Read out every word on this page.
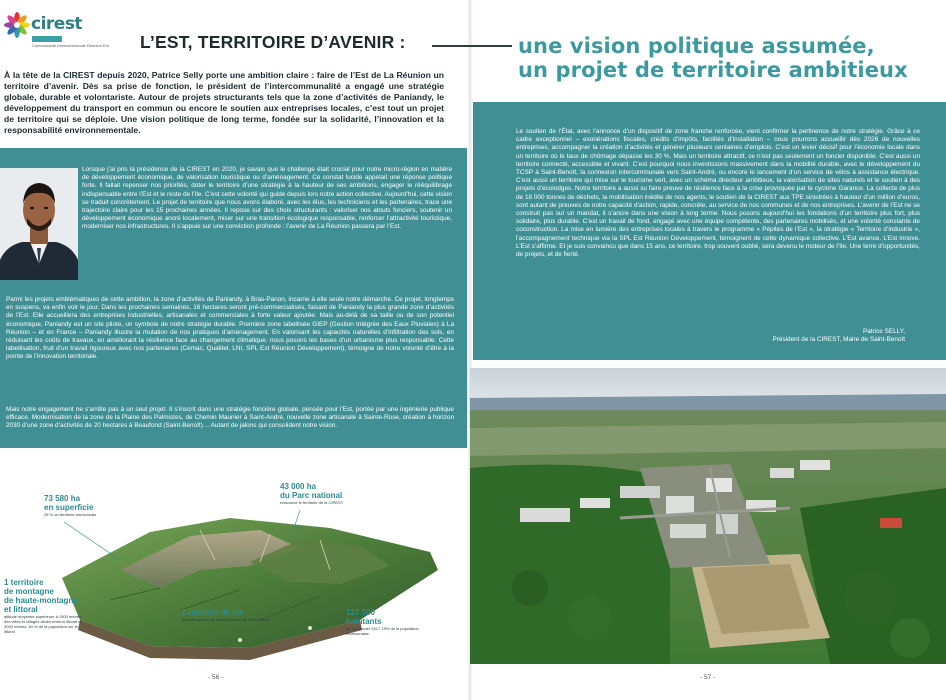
cirest
Communauté Intercommunale Réunion Est L’EST, TERRITOIRE D’AVENIR :

À la tête de la CIREST depuis 2020, Patrice Selly porte une ambition claire : faire de l’Est de La Réunion un territoire d’avenir. Dès sa prise de fonction, le président de l’intercommunalité a engagé une stratégie globale, durable et volontariste. Autour de projets structurants tels que la zone d’activités de Paniandy, le développement du transport en commun ou encore le soutien aux entreprises locales, c’est tout un projet de territoire qui se déploie. Une vision politique de long terme, fondée sur la solidarité, l’innovation et la responsabilité environnementale.

Lorsque j’ai pris la présidence de la CIREST en 2020, je savais que le challenge était crucial pour notre micro-région en matière de développement économique, de valorisation touristique ou d’aménagement. Ce constat lucide appelait une réponse politique forte. Il fallait repenser nos priorités, doter le territoire d’une stratégie à la hauteur de ses ambitions, engager le rééquilibrage indispensable entre l’Est et le reste de l’île. C’est cette volonté qui guide depuis lors notre action collective. Aujourd’hui, cette vision se traduit concrètement. Le projet de territoire que nous avons élaboré, avec les élus, les techniciens et les partenaires, trace une trajectoire claire pour les 15 prochaines années. Il repose sur des choix structurants : valoriser nos atouts fonciers, soutenir un développement économique ancré localement, miser sur une transition écologique responsable, renforcer l’attractivité touristique, moderniser nos infrastructures. Il s’appuie sur une conviction profonde : l’avenir de La Réunion passera par l’Est.

Parmi les projets emblématiques de cette ambition, la zone d’activités de Paniandy, à Bras-Panon, incarne à elle seule notre démarche. Ce projet, longtemps en suspens, va enfin voir le jour. Dans les prochaines semaines, 16 hectares seront pré-commercialisés, faisant de Paniandy la plus grande zone d’activités de l’Est. Elle accueillera des entreprises industrielles, artisanales et commerciales à forte valeur ajoutée. Mais au-delà de sa taille ou de son potentiel économique, Paniandy est un site pilote, un symbole de notre stratégie durable. Première zone labellisée GIEP (Gestion Intégrée des Eaux Pluviales) à La Réunion – et en France – Paniandy illustre la mutation de nos pratiques d’aménagement. En valorisant les capacités naturelles d’infiltration des sols, en réduisant les coûts de travaux, en améliorant la résilience face au changement climatique, nous posons les bases d’un urbanisme plus responsable. Cette labellisation, fruit d’un travail rigoureux avec nos partenaires (Cemac, Qualitel, LNI, SPL Est Réunion Développement), témoigne de notre volonté d’être à la pointe de l’innovation territoriale.

Mais notre engagement ne s’arrête pas à un seul projet. Il s’inscrit dans une stratégie foncière globale, pensée pour l’Est, portée par une ingénierie publique efficace. Modernisation de la zone de la Plaine des Palmistes, de Chemin Maunier à Saint-André, nouvelle zone artisanale à Sainte-Rose, création à horizon 2030 d’une zone d’activités de 20 hectares à Beaufond (Saint-Benoît)… Autant de jalons qui consolident notre vision.

73 580 ha
en superficie
25 % du territoire réunionnais
43 000 ha
du Parc national
ressource le territoire de la CIREST
1 territoire
de montagne
de haute-montagne
et littoral
altitude moyenne supérieure à 1500 mètres, des villes et villages situés entre le littoral et 3000 mètres. 84 % de la population sur le littoral
2 bassins de vie
articulés autour de Saint-André et de Saint-Benoît
127 500
habitants
au 1er janvier 2017 15% de la population réunionnaise
- 56 -	- 57 -
une vision politique assumée,
un projet de territoire ambitieux

Le soutien de l’État, avec l’annonce d’un dispositif de zone franche renforcée, vient confirmer la pertinence de notre stratégie. Grâce à ce cadre exceptionnel – exonérations fiscales, crédits d’impôts, facilités d’installation – nous pourrons accueillir dès 2026 de nouvelles entreprises, accompagner la création d’activités et générer plusieurs centaines d’emplois. C’est un levier décisif pour l’économie locale dans un territoire où le taux de chômage dépasse les 30 %. Mais un territoire attractif, ce n’est pas seulement un foncier disponible. C’est aussi un territoire connecté, accessible et vivant. C’est pourquoi nous investissons massivement dans la mobilité durable, avec le développement du TCSP à Saint-Benoît, la connexion intercommunale vers Saint-André, ou encore le lancement d’un service de vélos à assistance électrique. C’est aussi un territoire qui mise sur le tourisme vert, avec un schéma directeur ambitieux, la valorisation de sites naturels et le soutien à des projets d’écolodges. Notre territoire a aussi su faire preuve de résilience face à la crise provoquée par le cyclone Garance. La collecte de plus de 18 000 tonnes de déchets, la mobilisation inédite de nos agents, le soutien de la CIREST aux TPE sinistrées à hauteur d’un million d’euros, sont autant de preuves de notre capacité d’action, rapide, concrète, au service de nos communes et de nos entreprises. L’avenir de l’Est ne se construit pas sur un mandat, il s’ancre dans une vision à long terme. Nous posons aujourd’hui les fondations d’un territoire plus fort, plus solidaire, plus durable. C’est un travail de fond, engagé avec une équipe compétente, des partenaires mobilisés, et une volonté constante de coconstruction. La mise en lumière des entreprises locales à travers le programme « Pépites de l’Est », la stratégie « Territoire d’industrie », l’accompagnement technique via la SPL Est Réunion Développement, témoignent de cette dynamique collective. L’Est avance. L’Est innove. L’Est s’affirme. Et je suis convaincu que dans 15 ans, ce territoire, trop souvent oublié, sera devenu le moteur de l’île. Une terre d’opportunités, de projets, et de fierté.

Patrice SELLY,
Président de la CIREST, Maire de Saint-Benoît
